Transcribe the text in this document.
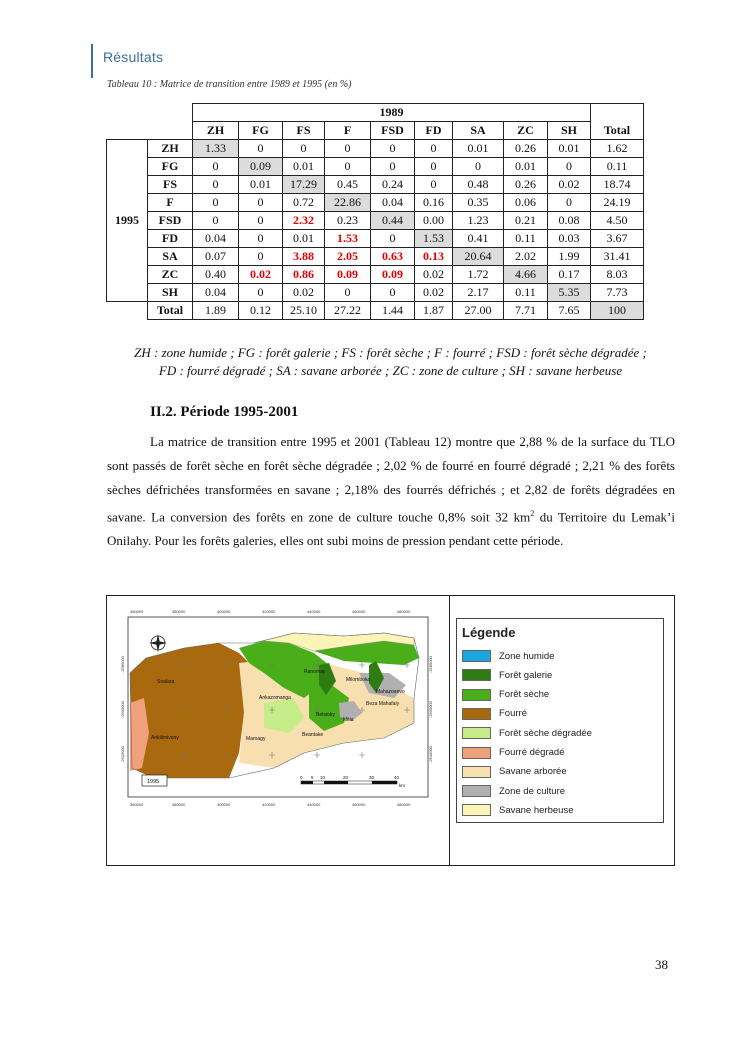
Résultats
Tableau 10 : Matrice de transition entre 1989 et 1995 (en %)
		1989									
		ZH	FG	FS	F	FSD	FD	SA	ZC	SH	Total
1995	ZH	1.33	0	0	0	0	0	0.01	0.26	0.01	1.62
	FG	0	0.09	0.01	0	0	0	0	0.01	0	0.11
	FS	0	0.01	17.29	0.45	0.24	0	0.48	0.26	0.02	18.74
	F	0	0	0.72	22.86	0.04	0.16	0.35	0.06	0	24.19
	FSD	0	0	2.32	0.23	0.44	0.00	1.23	0.21	0.08	4.50
	FD	0.04	0	0.01	1.53	0	1.53	0.41	0.11	0.03	3.67
	SA	0.07	0	3.88	2.05	0.63	0.13	20.64	2.02	1.99	31.41
	ZC	0.40	0.02	0.86	0.09	0.09	0.02	1.72	4.66	0.17	8.03
	SH	0.04	0	0.02	0	0	0.02	2.17	0.11	5.35	7.73
	Total	1.89	0.12	25.10	27.22	1.44	1.87	27.00	7.71	7.65	100
ZH : zone humide ; FG : forêt galerie ; FS : forêt sèche ; F : fourré ; FSD : forêt sèche dégradée ;
FD : fourré dégradé ; SA : savane arborée ; ZC : zone de culture ; SH : savane herbeuse
II.2. Période 1995-2001

La matrice de transition entre 1995 et 2001 (Tableau 12) montre que 2,88 % de la surface du TLO sont passés de forêt sèche en forêt sèche dégradée ; 2,02 % de fourré en fourré dégradé ; 2,21 % des forêts sèches défrichées transformées en savane ; 2,18% des fourrés défrichés ; et 2,82 de forêts dégradées en savane. La conversion des forêts en zone de culture touche 0,8% soit 32 $km^2$ du Territoire du Lemak’i Onilahy. Pour les forêts galeries, elles ont subi moins de pression pendant cette période.

360000	380000	400000	420000	440000	460000	480000
360000	380000	400000	420000	440000	460000	480000
-2580000
-2600000
-2620000
-2580000
-2600000
-2640000
Soalara
Ankazomanga
Ranomay
Milomboka
Mahazoarivo
Beza Mahafaly
Maroagy
Betsioky
Mitia
Beantake
Ankilimivony
1995
0 5 10	20	30	40
km
Légende
Zone humide
Forêt galerie
Forêt sèche
Fourré
Forêt sèche dégradée
Fourré dégradé
Savane arborée
Zone de culture
Savane herbeuse
38
